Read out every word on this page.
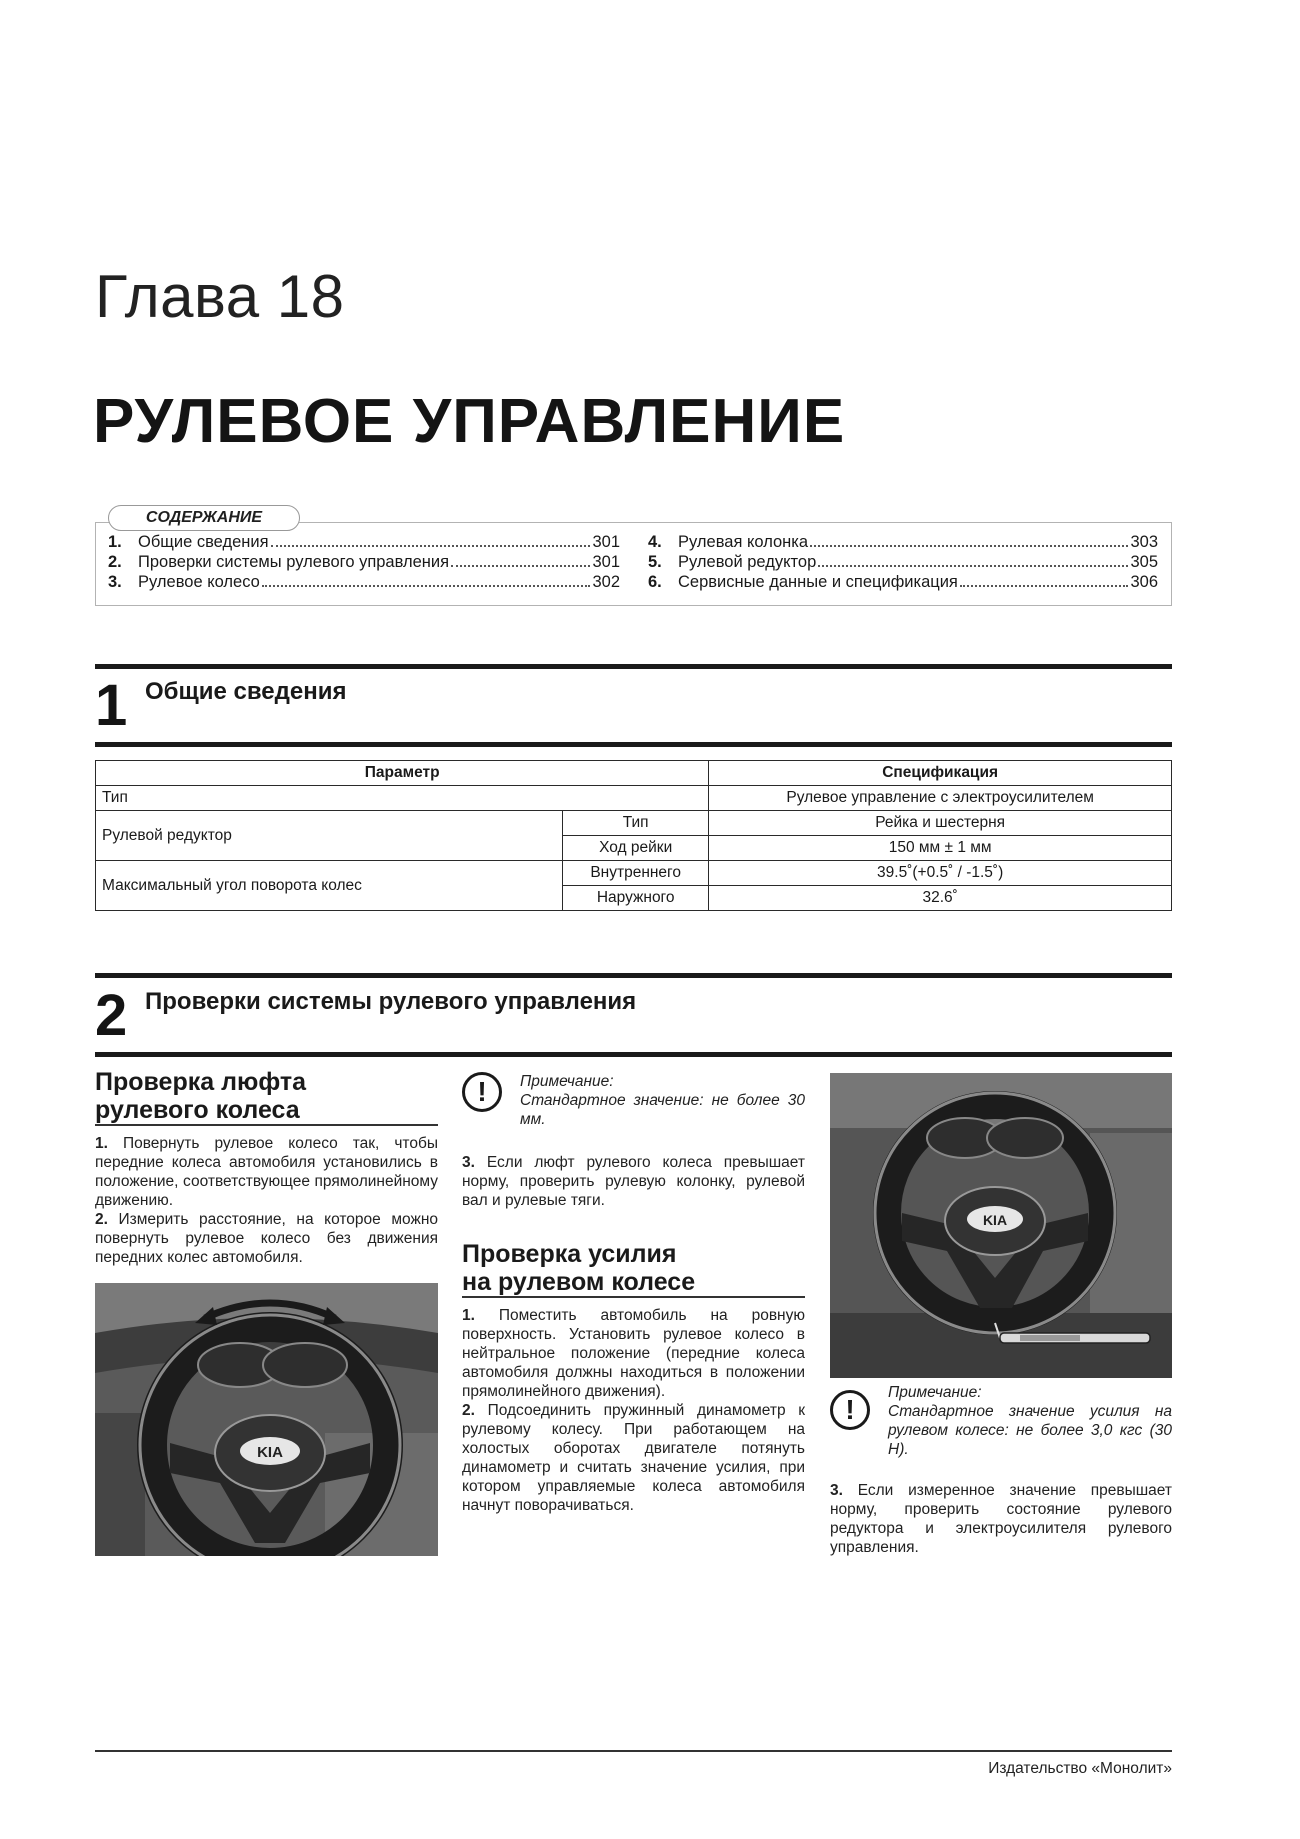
Глава 18
РУЛЕВОЕ УПРАВЛЕНИЕ
СОДЕРЖАНИЕ
1. Общие сведения	301
2. Проверки системы рулевого управления	301
3. Рулевое колесо	302
4. Рулевая колонка	303
5. Рулевой редуктор	305
6. Сервисные данные и спецификация	306
1 Общие сведения
Параметр		Спецификация
Тип		Рулевое управление с электроусилителем
Рулевой редуктор	Тип	Рейка и шестерня
	Ход рейки	150 мм ± 1 мм
Максимальный угол поворота колес	Внутреннего	39.5˚(+0.5˚ / -1.5˚)
	Наружного	32.6˚
2 Проверки системы рулевого управления
Проверка люфта
рулевого колеса
1. Повернуть рулевое колесо так, чтобы передние колеса автомобиля установились в положение, соответствующее прямолинейному движению.
2. Измерить расстояние, на которое можно повернуть рулевое колесо без движения передних колес автомобиля.
KIA
!	Примечание:
Стандартное значение: не более 30 мм.
3. Если люфт рулевого колеса превышает норму, проверить рулевую колонку, рулевой вал и рулевые тяги.
Проверка усилия
на рулевом колесе
1. Поместить автомобиль на ровную поверхность. Установить рулевое колесо в нейтральное положение (передние колеса автомобиля должны находиться в положении прямолинейного движения).
2. Подсоединить пружинный динамометр к рулевому колесу. При работающем на холостых оборотах двигателе потянуть динамометр и считать значение усилия, при котором управляемые колеса автомобиля начнут поворачиваться.
KIA
!
Примечание:
Стандартное значение усилия на рулевом колесе: не более 3,0 кгс (30 Н).
3. Если измеренное значение превышает норму, проверить состояние рулевого редуктора и электроусилителя рулевого управления.
Издательство «Монолит»
